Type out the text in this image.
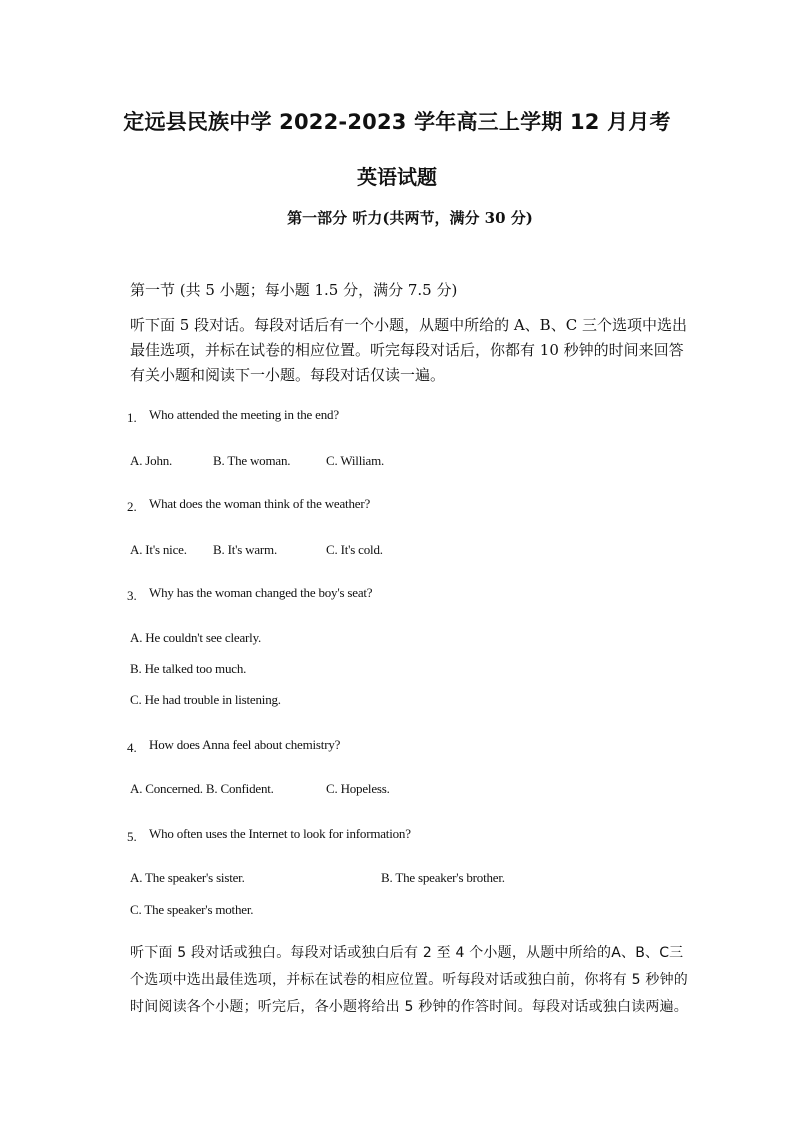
定远县民族中学 2022-2023 学年高三上学期 12 月月考
英语试题
第一部分 听力(共两节，满分 30 分)
第一节 (共 5 小题；每小题 1.5 分，满分 7.5 分)
听下面 5 段对话。每段对话后有一个小题，从题中所给的 A、B、C 三个选项中选出最佳选项，并标在试卷的相应位置。听完每段对话后，你都有 10 秒钟的时间来回答有关小题和阅读下一小题。每段对话仅读一遍。
1. Who attended the meeting in the end?
A. John.	B. The woman.	C. William.
2. What does the woman think of the weather?
A. It's nice. B. It's warm.	C. It's cold.
3. Why has the woman changed the boy's seat?
A. He couldn't see clearly.
B. He talked too much.
C. He had trouble in listening.
4. How does Anna feel about chemistry?
A. Concerned. B. Confident.	C. Hopeless.
5. Who often uses the Internet to look for information?
A. The speaker's sister.	B. The speaker's brother.
C. The speaker's mother.
听下面 5 段对话或独白。每段对话或独白后有 2 至 4 个小题，从题中所给的A、B、C三个选项中选出最佳选项，并标在试卷的相应位置。听每段对话或独白前，你将有 5 秒钟的时间阅读各个小题；听完后，各小题将给出 5 秒钟的作答时间。每段对话或独白读两遍。
